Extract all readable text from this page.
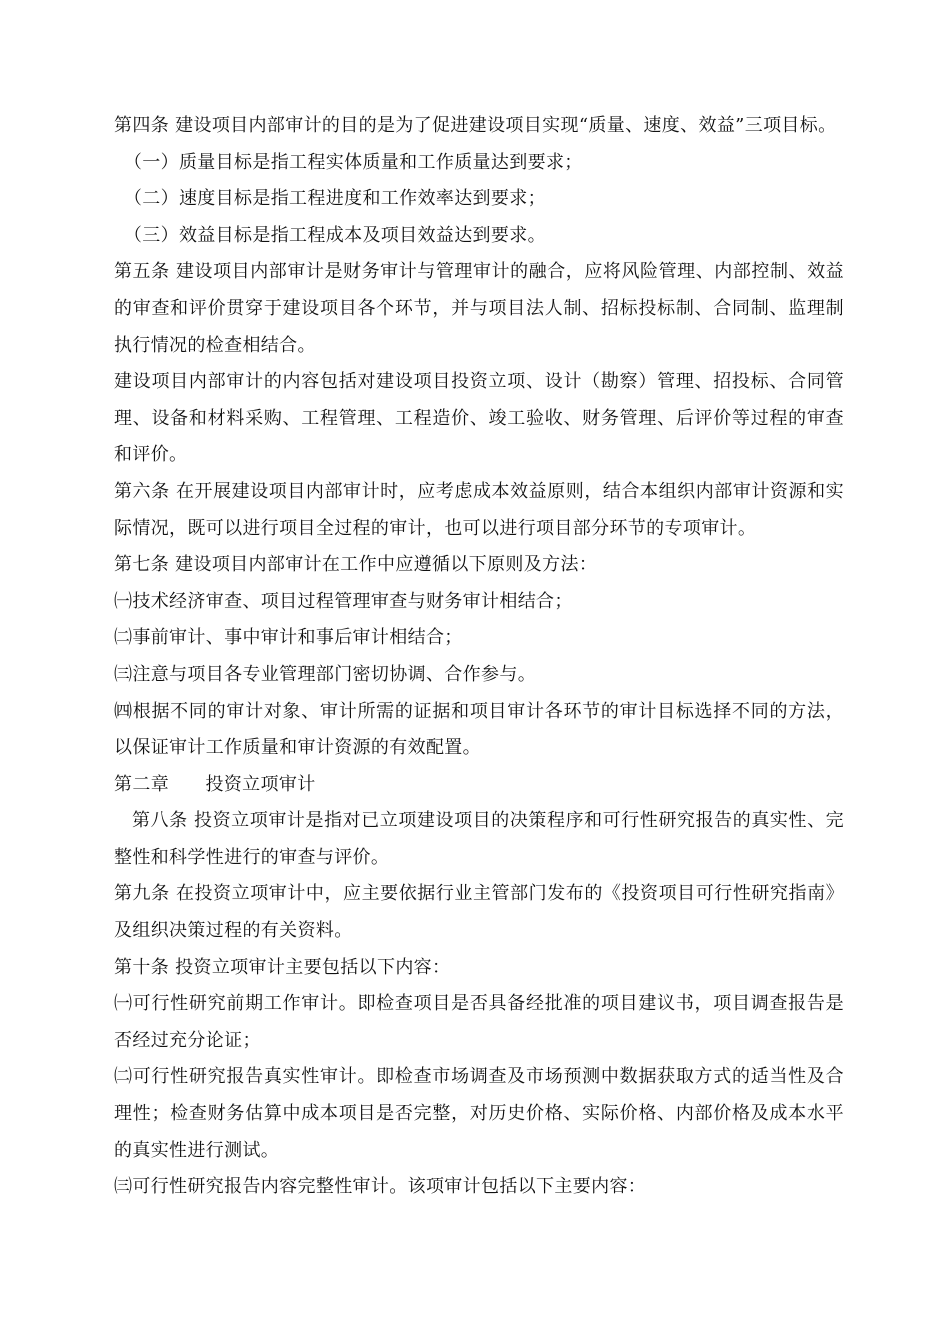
第四条 建设项目内部审计的目的是为了促进建设项目实现“质量、速度、效益”三项目标。

（一）质量目标是指工程实体质量和工作质量达到要求；

（二）速度目标是指工程进度和工作效率达到要求；

（三）效益目标是指工程成本及项目效益达到要求。

第五条 建设项目内部审计是财务审计与管理审计的融合，应将风险管理、内部控制、效益的审查和评价贯穿于建设项目各个环节，并与项目法人制、招标投标制、合同制、监理制执行情况的检查相结合。

建设项目内部审计的内容包括对建设项目投资立项、设计（勘察）管理、招投标、合同管理、设备和材料采购、工程管理、工程造价、竣工验收、财务管理、后评价等过程的审查和评价。

第六条 在开展建设项目内部审计时，应考虑成本效益原则，结合本组织内部审计资源和实际情况，既可以进行项目全过程的审计，也可以进行项目部分环节的专项审计。

第七条 建设项目内部审计在工作中应遵循以下原则及方法：

㈠技术经济审查、项目过程管理审查与财务审计相结合；

㈡事前审计、事中审计和事后审计相结合；

㈢注意与项目各专业管理部门密切协调、合作参与。

㈣根据不同的审计对象、审计所需的证据和项目审计各环节的审计目标选择不同的方法，以保证审计工作质量和审计资源的有效配置。

第二章      投资立项审计

第八条 投资立项审计是指对已立项建设项目的决策程序和可行性研究报告的真实性、完整性和科学性进行的审查与评价。

第九条 在投资立项审计中，应主要依据行业主管部门发布的《投资项目可行性研究指南》及组织决策过程的有关资料。

第十条 投资立项审计主要包括以下内容：

㈠可行性研究前期工作审计。即检查项目是否具备经批准的项目建议书，项目调查报告是否经过充分论证；

㈡可行性研究报告真实性审计。即检查市场调查及市场预测中数据获取方式的适当性及合理性；检查财务估算中成本项目是否完整，对历史价格、实际价格、内部价格及成本水平的真实性进行测试。

㈢可行性研究报告内容完整性审计。该项审计包括以下主要内容：
